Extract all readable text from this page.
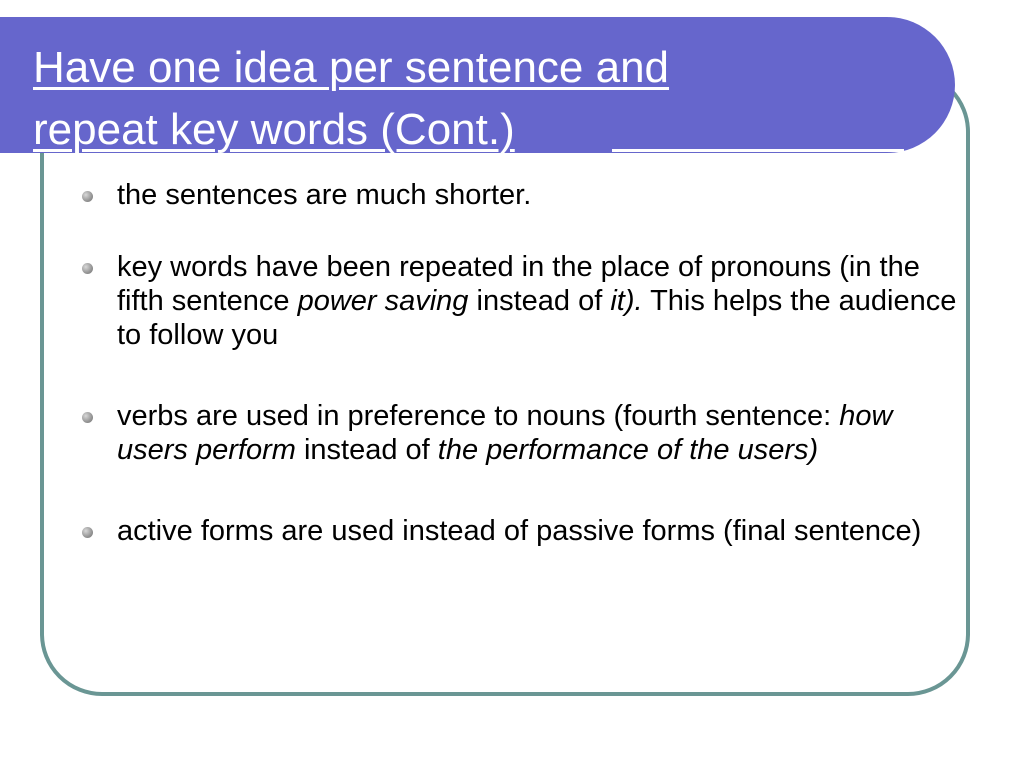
Have one idea per sentence and
repeat key words (Cont.)

the sentences are much shorter.

key words have been repeated in the place of pronouns (in the fifth sentence power saving instead of it). This helps the audience to follow you

verbs are used in preference to nouns (fourth sentence: how users perform instead of the performance of the users)

active forms are used instead of passive forms (final sentence)
